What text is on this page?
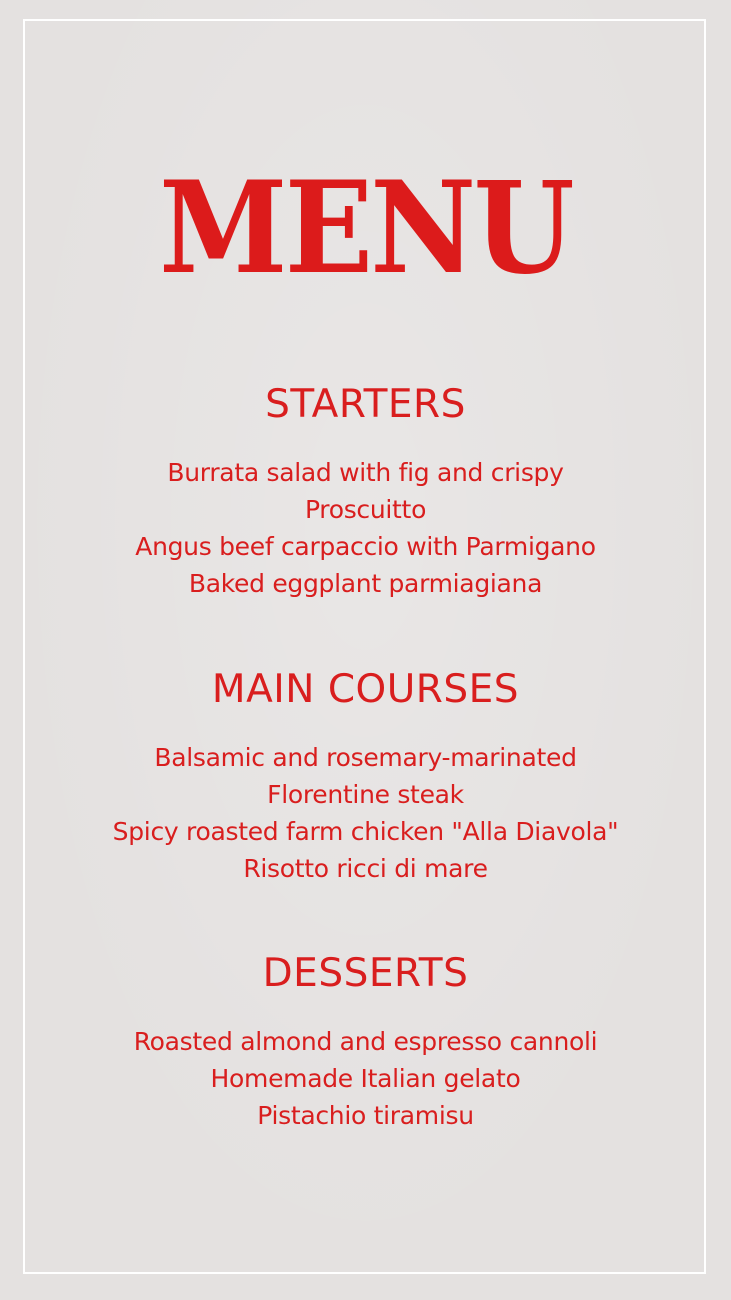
MENU
STARTERS
Burrata salad with fig and crispy
Proscuitto
Angus beef carpaccio with Parmigano
Baked eggplant parmiagiana
MAIN COURSES
Balsamic and rosemary-marinated
Florentine steak
Spicy roasted farm chicken "Alla Diavola"
Risotto ricci di mare
DESSERTS
Roasted almond and espresso cannoli
Homemade Italian gelato
Pistachio tiramisu
